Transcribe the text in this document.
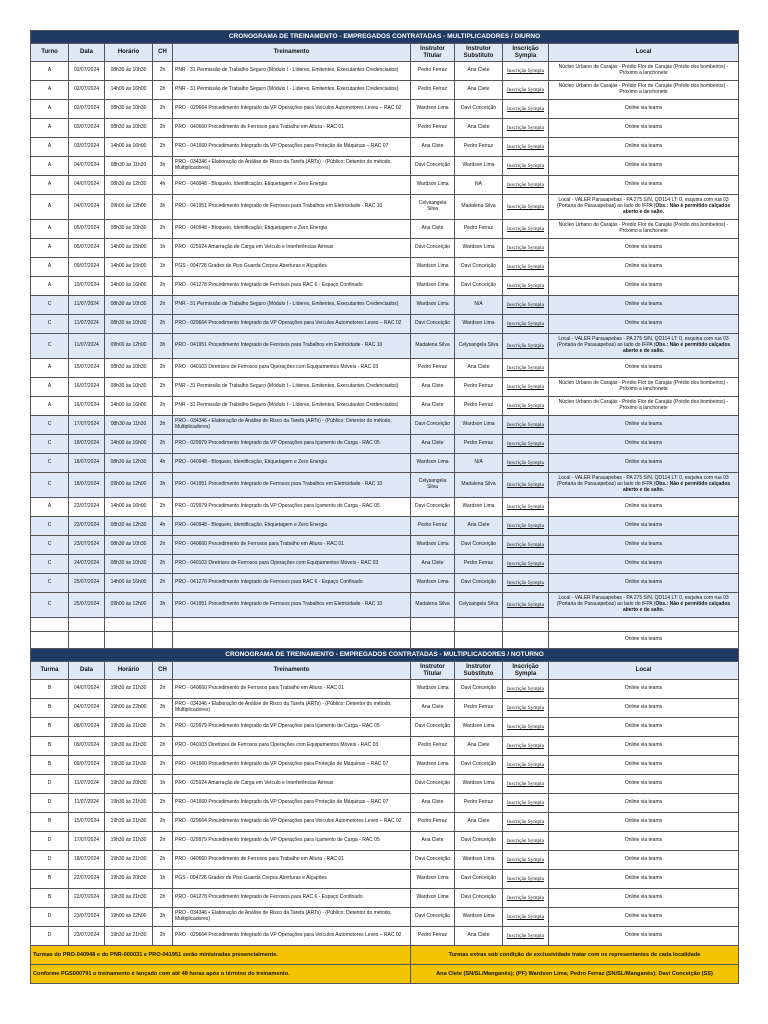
CRONOGRAMA DE TREINAMENTO - EMPREGADOS CONTRATADAS - MULTIPLICADORES / DIURNO								
Turno	Data	Horário	CH	Treinamento	Instrutor Titular	Instrutor Substituto	Inscrição Sympla	Local
A	02/07/2024	08h30 às 10h30	2h	PNR - 31 Permissão de Trabalho Seguro (Módulo I - Líderes, Emitentes, Executantes Credenciados)	Pedro Ferraz	Ana Clete	Inscrição Sympla	Núcleo Urbano de Carajás - Prédio Flor de Carajás (Prédio dos bombeiros) - Próximo a lanchonete
A	02/07/2024	14h00 às 16h00	2h	PNR - 31 Permissão de Trabalho Seguro (Módulo I - Líderes, Emitentes, Executantes Credenciados)	Pedro Ferraz	Ana Clete	Inscrição Sympla	Núcleo Urbano de Carajás - Prédio Flor de Carajás (Prédio dos bombeiros) - Próximo a lanchonete
A	02/07/2024	08h30 às 10h30	2h	PRO - 029664 Procedimento Integrado da VP Operações para Veículos Automotores Leves – RAC 02	Wardson Lima	Davi Conceição	Inscrição Sympla	Online via teams
A	03/07/2024	08h30 às 10h30	2h	PRO - 040660 Procedimento de Ferrosos para Trabalho em Altura - RAC 01	Pedro Ferraz	Ana Clete	Inscrição Sympla	Online via teams
A	03/07/2024	14h00 às 16h00	2h	PRO - 041660 Procedimento Integrado da VP Operações para Proteção de Máquinas – RAC 07	Ana Clete	Pedro Ferraz	Inscrição Sympla	Online via teams
A	04/07/2024	08h30 às 11h30	3h	PRO - 034346 • Elaboração de Análise de Risco da Tarefa (ARTs) - (Público: Detentor do método, Multiplicadores)	Davi Conceição	Wardson Lima	Inscrição Sympla	Online via teams
A	04/07/2024	08h30 às 12h30	4h	PRO - 040948 - Bloqueio, Identificação, Etiquetagem e Zero Energia	Wardson Lima	NA	Inscrição Sympla	Online via teams
A	04/07/2024	09h00 às 12h00	3h	PRO - 041951 Procedimento Integrado de Ferrosos para Trabalhos em Eletricidade - RAC 10	Celysangela Silva	Madalena Silva	Inscrição Sympla	Local - VALER Parauapebas - PA 275 S/N, QD114 LT: 0, esquina com rua 03 (Portaria de Parauapebas) ao lado do IFPA (Obs.: Não é permitido calçados aberto e de salto.
A	05/07/2024	08h30 às 10h30	2h	PRO - 040948 - Bloqueio, Identificação, Etiquetagem e Zero Energia	Ana Clete	Pedro Ferraz	Inscrição Sympla	Núcleo Urbano de Carajás - Prédio Flor de Carajás (Prédio dos bombeiros) - Próximo a lanchonete
A	05/07/2024	14h00 às 15h00	1h	PRO - 025924 Amarração de Carga em Veículo e Interferências Aéreas	Davi Conceição	Wardson Lima	Inscrição Sympla	Online via teams
A	09/07/2024	14h00 às 15h00	1h	PGS - 004728 Grades de Piso Guarda Corpos Aberturas e Alçapões	Wardson Lima	Davi Conceição	Inscrição Sympla	Online via teams
A	10/07/2024	14h00 às 16h00	2h	PRO - 041278 Procedimento Integrado de Ferrosos para RAC 6 - Espaço Confinado	Wardson Lima	Davi Conceição	Inscrição Sympla	Online via teams
C	11/07/2024	08h30 às 10h30	2h	PNR - 31 Permissão de Trabalho Seguro (Módulo I - Líderes, Emitentes, Executantes Credenciados)	Wardson Lima	N/A	Inscrição Sympla	Online via teams
C	11/07/2024	08h30 às 10h30	2h	PRO - 029664 Procedimento Integrado da VP Operações para Veículos Automotores Leves – RAC 02	Davi Conceição	Wardson Lima	Inscrição Sympla	Online via teams
C	11/07/2024	09h00 às 12h00	3h	PRO - 041951 Procedimento Integrado de Ferrosos para Trabalhos em Eletricidade - RAC 10	Madalena Silva	Celysangela Silva	Inscrição Sympla	Local - VALER Parauapebas - PA 275 S/N, QD114 LT: 0, esquina com rua 03 (Portaria de Parauapebas) ao lado do IFPA (Obs.: Não é permitido calçados aberto e de salto.
A	15/07/2024	08h30 às 10h30	2h	PRO - 040103 Diretrizes de Ferrosos para Operações com Equipamentos Móveis - RAC 03	Pedro Ferraz	Ana Clete	Inscrição Sympla	Online via teams
A	16/07/2024	08h30 às 10h30	2h	PNR - 31 Permissão de Trabalho Seguro (Módulo I - Líderes, Emitentes, Executantes Credenciados)	Ana Clete	Pedro Ferraz	Inscrição Sympla	Núcleo Urbano de Carajás - Prédio Flor de Carajás (Prédio dos bombeiros) - Próximo a lanchonete
A	16/07/2024	14h00 às 16h00	2h	PNR - 31 Permissão de Trabalho Seguro (Módulo I - Líderes, Emitentes, Executantes Credenciados)	Ana Clete	Pedro Ferraz	Inscrição Sympla	Núcleo Urbano de Carajás - Prédio Flor de Carajás (Prédio dos bombeiros) - Próximo a lanchonete
C	17/07/2024	08h30 às 11h30	3h	PRO - 034346 • Elaboração de Análise de Risco da Tarefa (ARTs) - (Público: Detentor do método, Multiplicadores)	Davi Conceição	Wardson Lima	Inscrição Sympla	Online via teams
C	18/07/2024	14h00 às 16h00	2h	PRO - 029979 Procedimento Integrado da VP Operações para Içamento de Carga - RAC 05	Ana Clete	Pedro Ferraz	Inscrição Sympla	Online via teams
C	18/07/2024	08h30 às 12h30	4h	PRO - 040948 - Bloqueio, Identificação, Etiquetagem e Zero Energia	Wardson Lima	N/A	Inscrição Sympla	Online via teams
C	18/07/2024	09h00 às 12h00	3h	PRO - 041951 Procedimento Integrado de Ferrosos para Trabalhos em Eletricidade - RAC 10	Celysangela Silva	Madalena Silva	Inscrição Sympla	Local - VALER Parauapebas - PA 275 S/N, QD114 LT: 0, esquina com rua 03 (Portaria de Parauapebas) ao lado do IFPA (Obs.: Não é permitido calçados aberto e de salto.
A	22/07/2024	14h00 às 16h00	2h	PRO - 029979 Procedimento Integrado da VP Operações para Içamento de Carga - RAC 05	Davi Conceição	Wardson Lima	Inscrição Sympla	Online via teams
C	23/07/2024	08h30 às 12h30	4h	PRO - 040948 - Bloqueio, Identificação, Etiquetagem e Zero Energia	Pedro Ferraz	Ana Clete	Inscrição Sympla	Online via teams
C	23/07/2024	08h30 às 10h30	2h	PRO - 040660 Procedimento de Ferrosos para Trabalho em Altura - RAC 01	Wardson Lima	Davi Conceição	Inscrição Sympla	Online via teams
C	24/07/2024	08h30 às 10h30	2h	PRO - 040103 Diretrizes de Ferrosos para Operações com Equipamentos Móveis - RAC 03	Ana Clete	Pedro Ferraz	Inscrição Sympla	Online via teams
C	25/07/2024	14h00 às 16h00	2h	PRO - 041278 Procedimento Integrado de Ferrosos para RAC 6 - Espaço Confinado	Wardson Lima	Davi Conceição	Inscrição Sympla	Online via teams
C	25/07/2024	09h00 às 12h00	3h	PRO - 041951 Procedimento Integrado de Ferrosos para Trabalhos em Eletricidade - RAC 10	Madalena Silva	Celysangela Silva	Inscrição Sympla	Local - VALER Parauapebas - PA 275 S/N, QD114 LT: 0, esquina com rua 03 (Portaria de Parauapebas) ao lado do IFPA (Obs.: Não é permitido calçados aberto e de salto.

								Online via teams
CRONOGRAMA DE TREINAMENTO - EMPREGADOS CONTRATADAS - MULTIPLICADORES / NOTURNO								
Turma	Data	Horário	CH	Treinamento	Instrutor Titular	Instrutor Substituto	Inscrição Sympla	Local
B	04/07/2024	19h30 às 21h30	2h	PRO - 040660 Procedimento de Ferrosos para Trabalho em Altura - RAC 01	Wardson Lima	Davi Conceição	Inscrição Sympla	Online via teams
B	04/07/2024	19h00 às 22h00	3h	PRO - 034346 • Elaboração de Análise de Risco da Tarefa (ARTs) - (Público: Detentor do método, Multiplicadores)	Ana Clete	Pedro Ferraz	Inscrição Sympla	Online via teams
B	08/07/2024	19h30 às 21h30	2h	PRO - 029979 Procedimento Integrado da VP Operações para Içamento de Carga - RAC 05	Davi Conceição	Wardson Lima	Inscrição Sympla	Online via teams
B	09/07/2024	19h30 às 21h30	2h	PRO - 040103 Diretrizes de Ferrosos para Operações com Equipamentos Móveis - RAC 03	Pedro Ferraz	Ana Clete	Inscrição Sympla	Online via teams
B	09/07/2024	19h30 às 21h30	2h	PRO - 041660 Procedimento Integrado da VP Operações para Proteção de Máquinas – RAC 07	Wardson Lima	Davi Conceição	Inscrição Sympla	Online via teams
D	11/07/2024	19h30 às 20h30	1h	PRO - 025924 Amarração de Carga em Veículo e Interferências Aéreas	Davi Conceição	Wardson Lima	Inscrição Sympla	Online via teams
D	11/07/2024	19h30 às 21h30	2h	PRO - 041660 Procedimento Integrado da VP Operações para Proteção de Máquinas – RAC 07	Ana Clete	Pedro Ferraz	Inscrição Sympla	Online via teams
B	15/07/2024	19h30 às 21h30	2h	PRO - 029664 Procedimento Integrado da VP Operações para Veículos Automotores Leves – RAC 02	Pedro Ferraz	Ana Clete	Inscrição Sympla	Online via teams
D	17/07/2024	19h30 às 21h30	2h	PRO - 029979 Procedimento Integrado da VP Operações para Içamento de Carga - RAC 05	Ana Clete	Davi Conceição	Inscrição Sympla	Online via teams
D	18/07/2024	19h30 às 21h30	2h	PRO - 040660 Procedimento de Ferrosos para Trabalho em Altura - RAC 01	Davi Conceição	Wardson Lima	Inscrição Sympla	Online via teams
B	22/07/2024	19h30 às 20h30	1h	PGS - 004728 Grades de Piso Guarda Corpos Aberturas e Alçapões	Wardson Lima	Davi Conceição	Inscrição Sympla	Online via teams
B	22/07/2024	19h30 às 21h30	2h	PRO - 041278 Procedimento Integrado de Ferrosos para RAC 6 - Espaço Confinado	Wardson Lima	Davi Conceição	Inscrição Sympla	Online via teams
D	23/07/2024	19h00 às 22h00	3h	PRO - 034346 • Elaboração de Análise de Risco da Tarefa (ARTs) - (Público: Detentor do método, Multiplicadores)	Davi Conceição	Wardson Lima	Inscrição Sympla	Online via teams
D	23/07/2024	19h30 às 21h30	2h	PRO - 029664 Procedimento Integrado da VP Operações para Veículos Automotores Leves – RAC 02	Pedro Ferraz	Ana Clete	Inscrição Sympla	Online via teams
Turmas do PRO-040948 e do PNR-000031 e PRO-041951 serão ministradas presencialmente.					Turmas extras sob condição de exclusividade tratar com os representantes de cada localidade			
Conforme PGS000791 o treinamento é lançado com até 48 horas após o término do treinamento.					Ana Clete (SN/SL/Manganês); (PF) Wardson Lima; Pedro Ferraz (SN/SL/Manganês); Davi Conceição (SS)			
